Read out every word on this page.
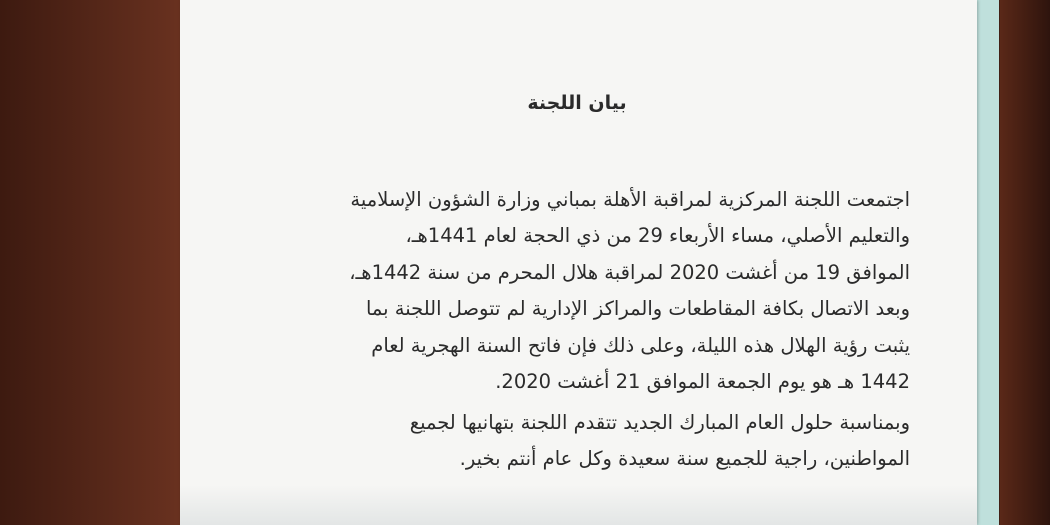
بيان اللجنة
اجتمعت اللجنة المركزية لمراقبة الأهلة بمباني وزارة الشؤون الإسلامية
والتعليم الأصلي، مساء الأربعاء 29 من ذي الحجة لعام 1441هـ،
الموافق 19 من أغشت 2020 لمراقبة هلال المحرم من سنة 1442هـ،
وبعد الاتصال بكافة المقاطعات والمراكز الإدارية لم تتوصل اللجنة بما
يثبت رؤية الهلال هذه الليلة، وعلى ذلك فإن فاتح السنة الهجرية لعام
1442 هـ هو يوم الجمعة الموافق 21 أغشت 2020.
وبمناسبة حلول العام المبارك الجديد تتقدم اللجنة بتهانيها لجميع
المواطنين، راجية للجميع سنة سعيدة وكل عام أنتم بخير.
